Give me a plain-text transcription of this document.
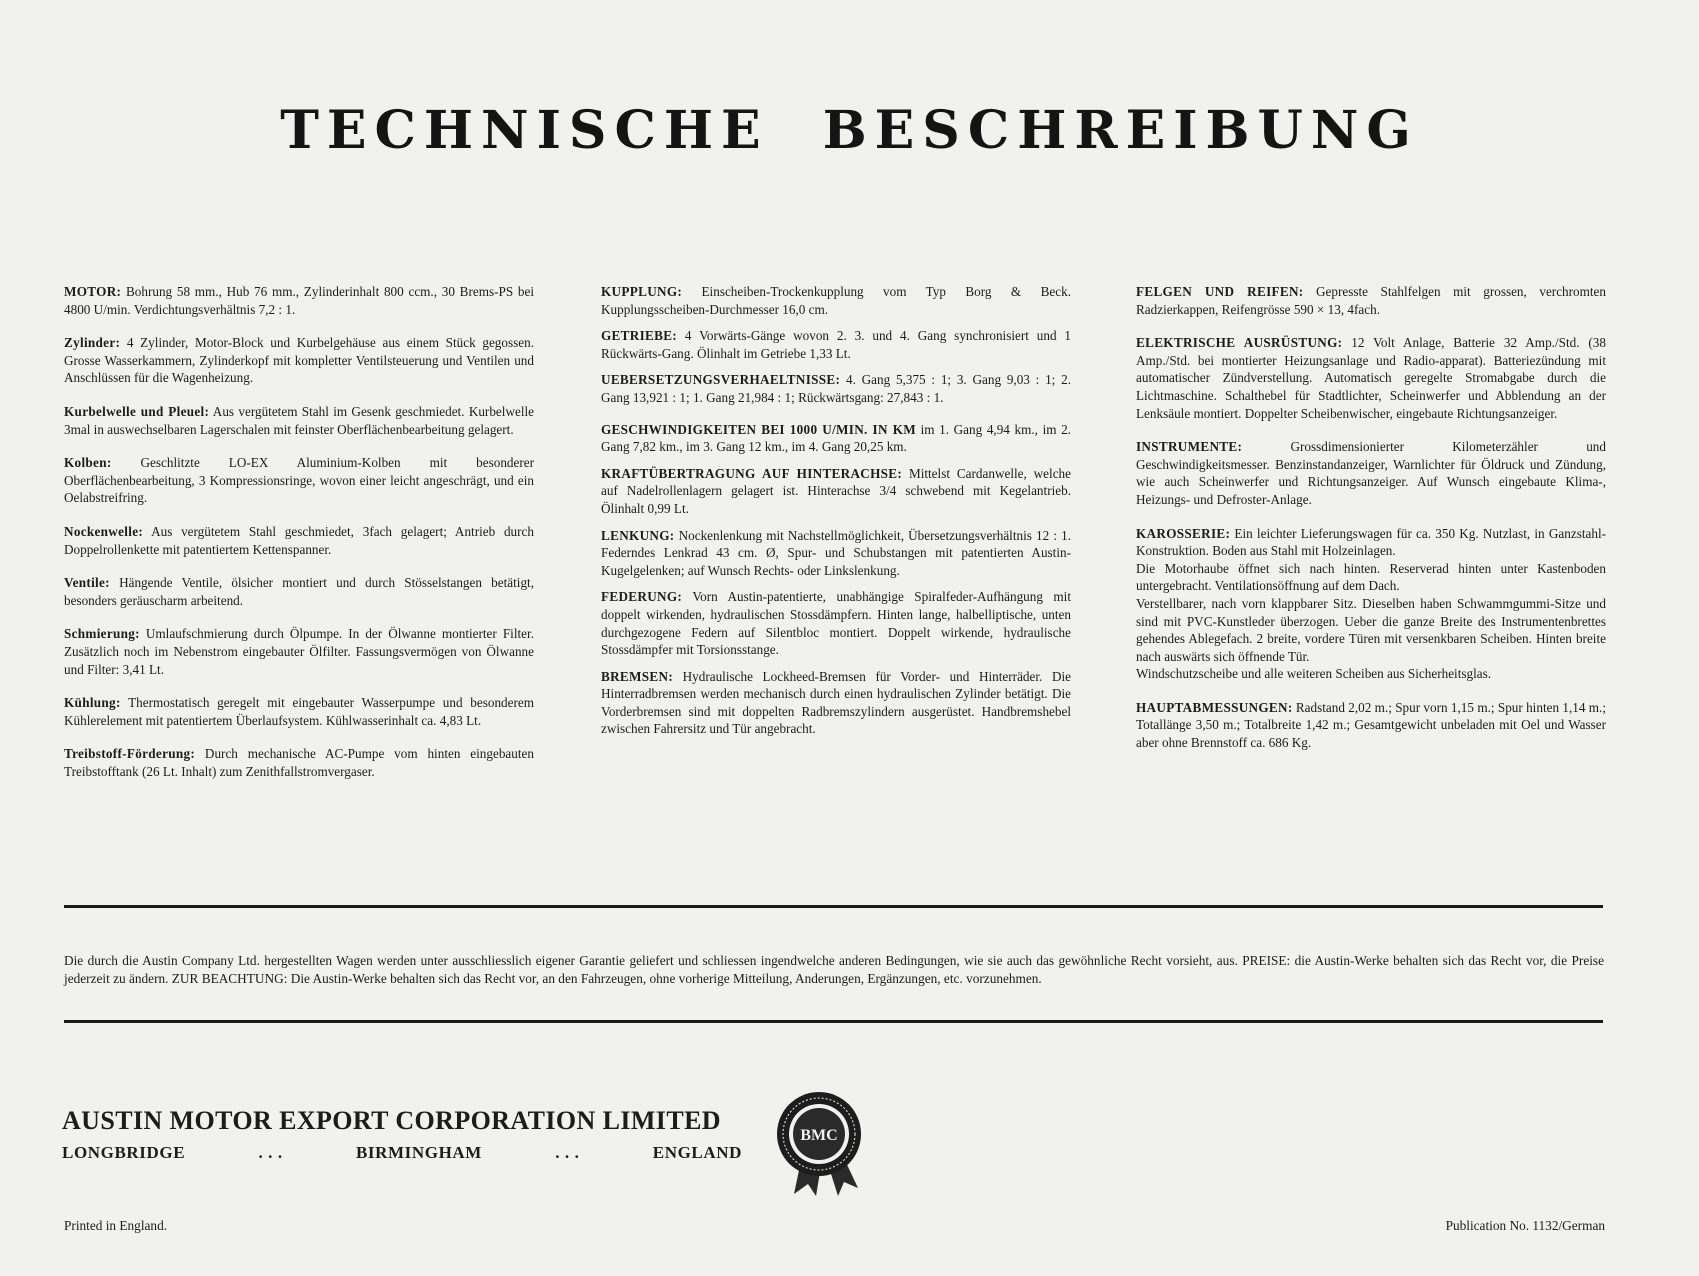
TECHNISCHE BESCHREIBUNG
MOTOR: Bohrung 58 mm., Hub 76 mm., Zylinderinhalt 800 ccm., 30 Brems-PS bei 4800 U/min. Verdichtungsverhältnis 7,2 : 1.
Zylinder: 4 Zylinder, Motor-Block und Kurbelgehäuse aus einem Stück gegossen. Grosse Wasserkammern, Zylinderkopf mit kompletter Ventilsteuerung und Ventilen und Anschlüssen für die Wagenheizung.
Kurbelwelle und Pleuel: Aus vergütetem Stahl im Gesenk geschmiedet. Kurbelwelle 3mal in auswechselbaren Lagerschalen mit feinster Oberflächenbearbeitung gelagert.
Kolben: Geschlitzte LO-EX Aluminium-Kolben mit besonderer Oberflächenbearbeitung, 3 Kompressionsringe, wovon einer leicht angeschrägt, und ein Oelabstreifring.
Nockenwelle: Aus vergütetem Stahl geschmiedet, 3fach gelagert; Antrieb durch Doppelrollenkette mit patentiertem Kettenspanner.
Ventile: Hängende Ventile, ölsicher montiert und durch Stösselstangen betätigt, besonders geräuscharm arbeitend.
Schmierung: Umlaufschmierung durch Ölpumpe. In der Ölwanne montierter Filter. Zusätzlich noch im Nebenstrom eingebauter Ölfilter. Fassungsvermögen von Ölwanne und Filter: 3,41 Lt.
Kühlung: Thermostatisch geregelt mit eingebauter Wasserpumpe und besonderem Kühlerelement mit patentiertem Überlaufsystem. Kühlwasserinhalt ca. 4,83 Lt.
Treibstoff-Förderung: Durch mechanische AC-Pumpe vom hinten eingebauten Treibstofftank (26 Lt. Inhalt) zum Zenithfallstromvergaser.
KUPPLUNG: Einscheiben-Trockenkupplung vom Typ Borg & Beck. Kupplungsscheiben-Durchmesser 16,0 cm.
GETRIEBE: 4 Vorwärts-Gänge wovon 2. 3. und 4. Gang synchronisiert und 1 Rückwärts-Gang. Ölinhalt im Getriebe 1,33 Lt.
UEBERSETZUNGSVERHAELTNISSE: 4. Gang 5,375 : 1; 3. Gang 9,03 : 1; 2. Gang 13,921 : 1; 1. Gang 21,984 : 1; Rückwärtsgang: 27,843 : 1.
GESCHWINDIGKEITEN BEI 1000 U/MIN. IN KM im 1. Gang 4,94 km., im 2. Gang 7,82 km., im 3. Gang 12 km., im 4. Gang 20,25 km.
KRAFTÜBERTRAGUNG AUF HINTERACHSE: Mittelst Cardanwelle, welche auf Nadelrollenlagern gelagert ist. Hinterachse 3/4 schwebend mit Kegelantrieb. Ölinhalt 0,99 Lt.
LENKUNG: Nockenlenkung mit Nachstellmöglichkeit, Übersetzungsverhältnis 12 : 1. Federndes Lenkrad 43 cm. Ø, Spur- und Schubstangen mit patentierten Austin-Kugelgelenken; auf Wunsch Rechts- oder Linkslenkung.
FEDERUNG: Vorn Austin-patentierte, unabhängige Spiralfeder-Aufhängung mit doppelt wirkenden, hydraulischen Stossdämpfern. Hinten lange, halbelliptische, unten durchgezogene Federn auf Silentbloc montiert. Doppelt wirkende, hydraulische Stossdämpfer mit Torsionsstange.
BREMSEN: Hydraulische Lockheed-Bremsen für Vorder- und Hinterräder. Die Hinterradbremsen werden mechanisch durch einen hydraulischen Zylinder betätigt. Die Vorderbremsen sind mit doppelten Radbremszylindern ausgerüstet. Handbremshebel zwischen Fahrersitz und Tür angebracht.
FELGEN UND REIFEN: Gepresste Stahlfelgen mit grossen, verchromten Radzierkappen, Reifengrösse 590 × 13, 4fach.
ELEKTRISCHE AUSRÜSTUNG: 12 Volt Anlage, Batterie 32 Amp./Std. (38 Amp./Std. bei montierter Heizungsanlage und Radio-apparat). Batteriezündung mit automatischer Zündverstellung. Automatisch geregelte Stromabgabe durch die Lichtmaschine. Schalthebel für Stadtlichter, Scheinwerfer und Abblendung an der Lenksäule montiert. Doppelter Scheibenwischer, eingebaute Richtungsanzeiger.
INSTRUMENTE: Grossdimensionierter Kilometerzähler und Geschwindigkeitsmesser. Benzinstandanzeiger, Warnlichter für Öldruck und Zündung, wie auch Scheinwerfer und Richtungsanzeiger. Auf Wunsch eingebaute Klima-, Heizungs- und Defroster-Anlage.
KAROSSERIE: Ein leichter Lieferungswagen für ca. 350 Kg. Nutzlast, in Ganzstahl-Konstruktion. Boden aus Stahl mit Holzeinlagen.
Die Motorhaube öffnet sich nach hinten. Reserverad hinten unter Kastenboden untergebracht. Ventilationsöffnung auf dem Dach.
Verstellbarer, nach vorn klappbarer Sitz. Dieselben haben Schwammgummi-Sitze und sind mit PVC-Kunstleder überzogen. Ueber die ganze Breite des Instrumentenbrettes gehendes Ablegefach. 2 breite, vordere Türen mit versenkbaren Scheiben. Hinten breite nach auswärts sich öffnende Tür.
Windschutzscheibe und alle weiteren Scheiben aus Sicherheitsglas.
HAUPTABMESSUNGEN: Radstand 2,02 m.; Spur vorn 1,15 m.; Spur hinten 1,14 m.; Totallänge 3,50 m.; Totalbreite 1,42 m.; Gesamtgewicht unbeladen mit Oel und Wasser aber ohne Brennstoff ca. 686 Kg.
Die durch die Austin Company Ltd. hergestellten Wagen werden unter ausschliesslich eigener Garantie geliefert und schliessen ingendwelche anderen Bedingungen, wie sie auch das gewöhnliche Recht vorsieht, aus. PREISE: die Austin-Werke behalten sich das Recht vor, die Preise jederzeit zu ändern. ZUR BEACHTUNG: Die Austin-Werke behalten sich das Recht vor, an den Fahrzeugen, ohne vorherige Mitteilung, Anderungen, Ergänzungen, etc. vorzunehmen.
AUSTIN MOTOR EXPORT CORPORATION LIMITED
LONGBRIDGE	. . .	BIRMINGHAM	. . .	ENGLAND
BMC
Printed in England.	Publication No. 1132/German
